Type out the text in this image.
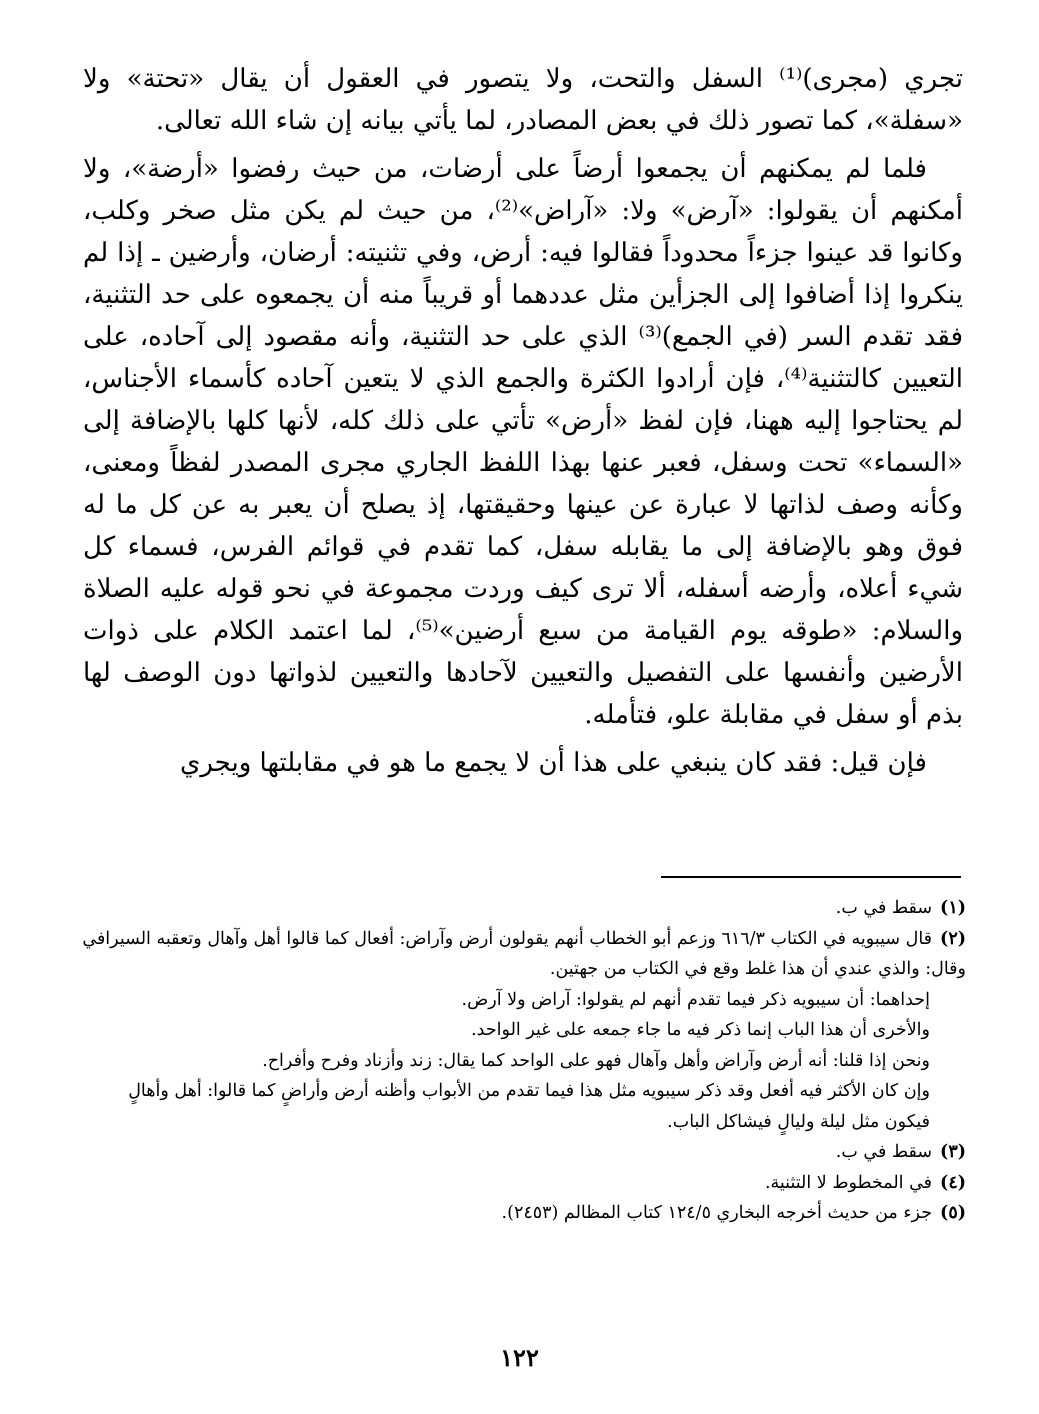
تجري (مجرى)⁽¹⁾ السفل والتحت، ولا يتصور في العقول أن يقال «تحتة» ولا «سفلة»، كما تصور ذلك في بعض المصادر، لما يأتي بيانه إن شاء الله تعالى.

فلما لم يمكنهم أن يجمعوا أرضاً على أرضات، من حيث رفضوا «أرضة»، ولا أمكنهم أن يقولوا: «آرض» ولا: «آراض»⁽²⁾، من حيث لم يكن مثل صخر وكلب، وكانوا قد عينوا جزءاً محدوداً فقالوا فيه: أرض، وفي تثنيته: أرضان، وأرضين ـ إذا لم ينكروا إذا أضافوا إلى الجزأين مثل عددهما أو قريباً منه أن يجمعوه على حد التثنية، فقد تقدم السر (في الجمع)⁽³⁾ الذي على حد التثنية، وأنه مقصود إلى آحاده، على التعيين كالتثنية⁽⁴⁾، فإن أرادوا الكثرة والجمع الذي لا يتعين آحاده كأسماء الأجناس، لم يحتاجوا إليه ههنا، فإن لفظ «أرض» تأتي على ذلك كله، لأنها كلها بالإضافة إلى «السماء» تحت وسفل، فعبر عنها بهذا اللفظ الجاري مجرى المصدر لفظاً ومعنى، وكأنه وصف لذاتها لا عبارة عن عينها وحقيقتها، إذ يصلح أن يعبر به عن كل ما له فوق وهو بالإضافة إلى ما يقابله سفل، كما تقدم في قوائم الفرس، فسماء كل شيء أعلاه، وأرضه أسفله، ألا ترى كيف وردت مجموعة في نحو قوله عليه الصلاة والسلام: «طوقه يوم القيامة من سبع أرضين»⁽⁵⁾، لما اعتمد الكلام على ذوات الأرضين وأنفسها على التفصيل والتعيين لآحادها والتعيين لذواتها دون الوصف لها بذم أو سفل في مقابلة علو، فتأمله.

فإن قيل: فقد كان ينبغي على هذا أن لا يجمع ما هو في مقابلتها ويجري

(١)سقط في ب.

(٢)قال سيبويه في الكتاب ٦١٦/٣ وزعم أبو الخطاب أنهم يقولون أرض وآراض: أفعال كما قالوا أهل وآهال وتعقبه السيرافي وقال: والذي عندي أن هذا غلط وقع في الكتاب من جهتين.

إحداهما: أن سيبويه ذكر فيما تقدم أنهم لم يقولوا: آراض ولا آرض.

والأخرى أن هذا الباب إنما ذكر فيه ما جاء جمعه على غير الواحد.

ونحن إذا قلنا: أنه أرض وآراض وأهل وآهال فهو على الواحد كما يقال: زند وأزناد وفرح وأفراح.

وإن كان الأكثر فيه أفعل وقد ذكر سيبويه مثل هذا فيما تقدم من الأبواب وأظنه أرض وأراضٍ كما قالوا: أهل وأهالٍ فيكون مثل ليلة وليالٍ فيشاكل الباب.

(٣)سقط في ب.

(٤)في المخطوط لا التثنية.

(٥)جزء من حديث أخرجه البخاري ١٢٤/٥ كتاب المظالم (٢٤٥٣).

١٢٢
